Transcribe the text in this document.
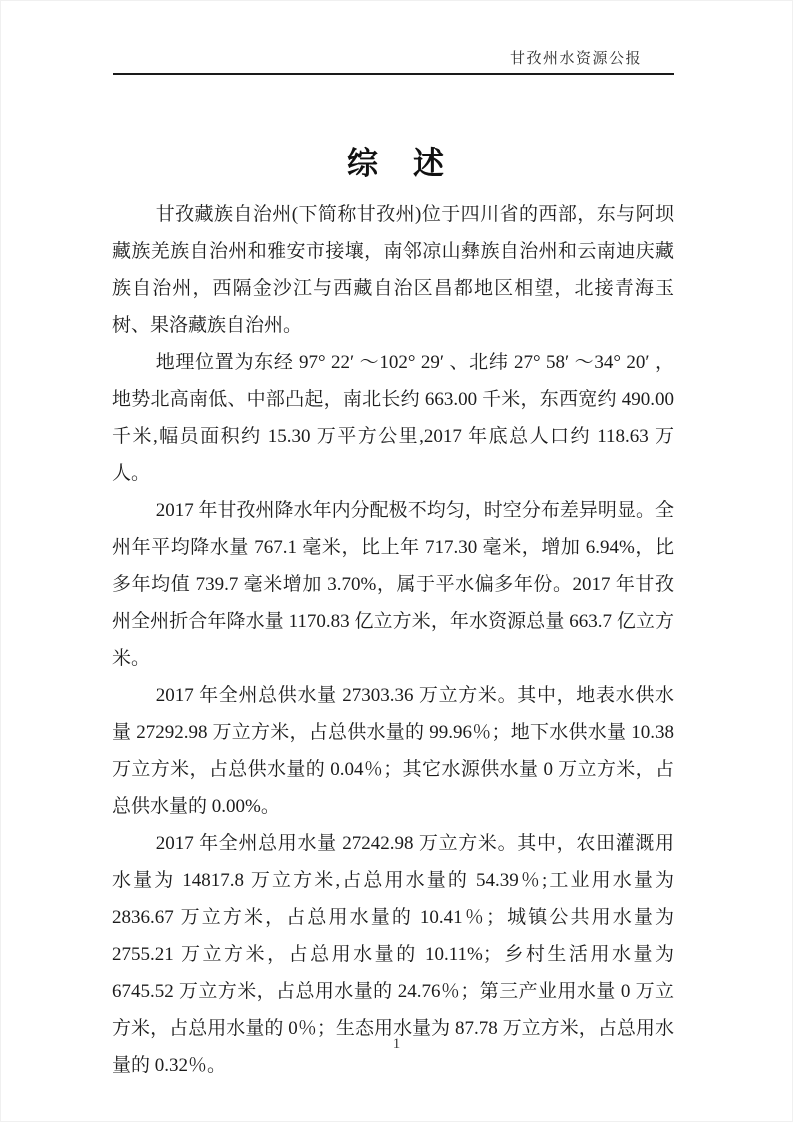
甘孜州水资源公报
综　述

甘孜藏族自治州(下简称甘孜州)位于四川省的西部，东与阿坝藏族羌族自治州和雅安市接壤，南邻凉山彝族自治州和云南迪庆藏族自治州，西隔金沙江与西藏自治区昌都地区相望，北接青海玉树、果洛藏族自治州。

地理位置为东经 97° 22′ ～102° 29′ 、北纬 27° 58′ ～34° 20′ ，地势北高南低、中部凸起，南北长约 663.00 千米，东西宽约 490.00 千米,幅员面积约 15.30 万平方公里,2017 年底总人口约 118.63 万人。

2017 年甘孜州降水年内分配极不均匀，时空分布差异明显。全州年平均降水量 767.1 毫米，比上年 717.30 毫米，增加 6.94%，比多年均值 739.7 毫米增加 3.70%，属于平水偏多年份。2017 年甘孜州全州折合年降水量 1170.83 亿立方米，年水资源总量 663.7 亿立方米。

2017 年全州总供水量 27303.36 万立方米。其中，地表水供水量 27292.98 万立方米，占总供水量的 99.96％；地下水供水量 10.38 万立方米，占总供水量的 0.04％；其它水源供水量 0 万立方米，占总供水量的 0.00%。

2017 年全州总用水量 27242.98 万立方米。其中，农田灌溉用水量为 14817.8 万立方米,占总用水量的 54.39％;工业用水量为 2836.67 万立方米，占总用水量的 10.41％；城镇公共用水量为 2755.21 万立方米，占总用水量的 10.11%；乡村生活用水量为 6745.52 万立方米，占总用水量的 24.76％；第三产业用水量 0 万立方米，占总用水量的 0％；生态用水量为 87.78 万立方米，占总用水量的 0.32％。

1
